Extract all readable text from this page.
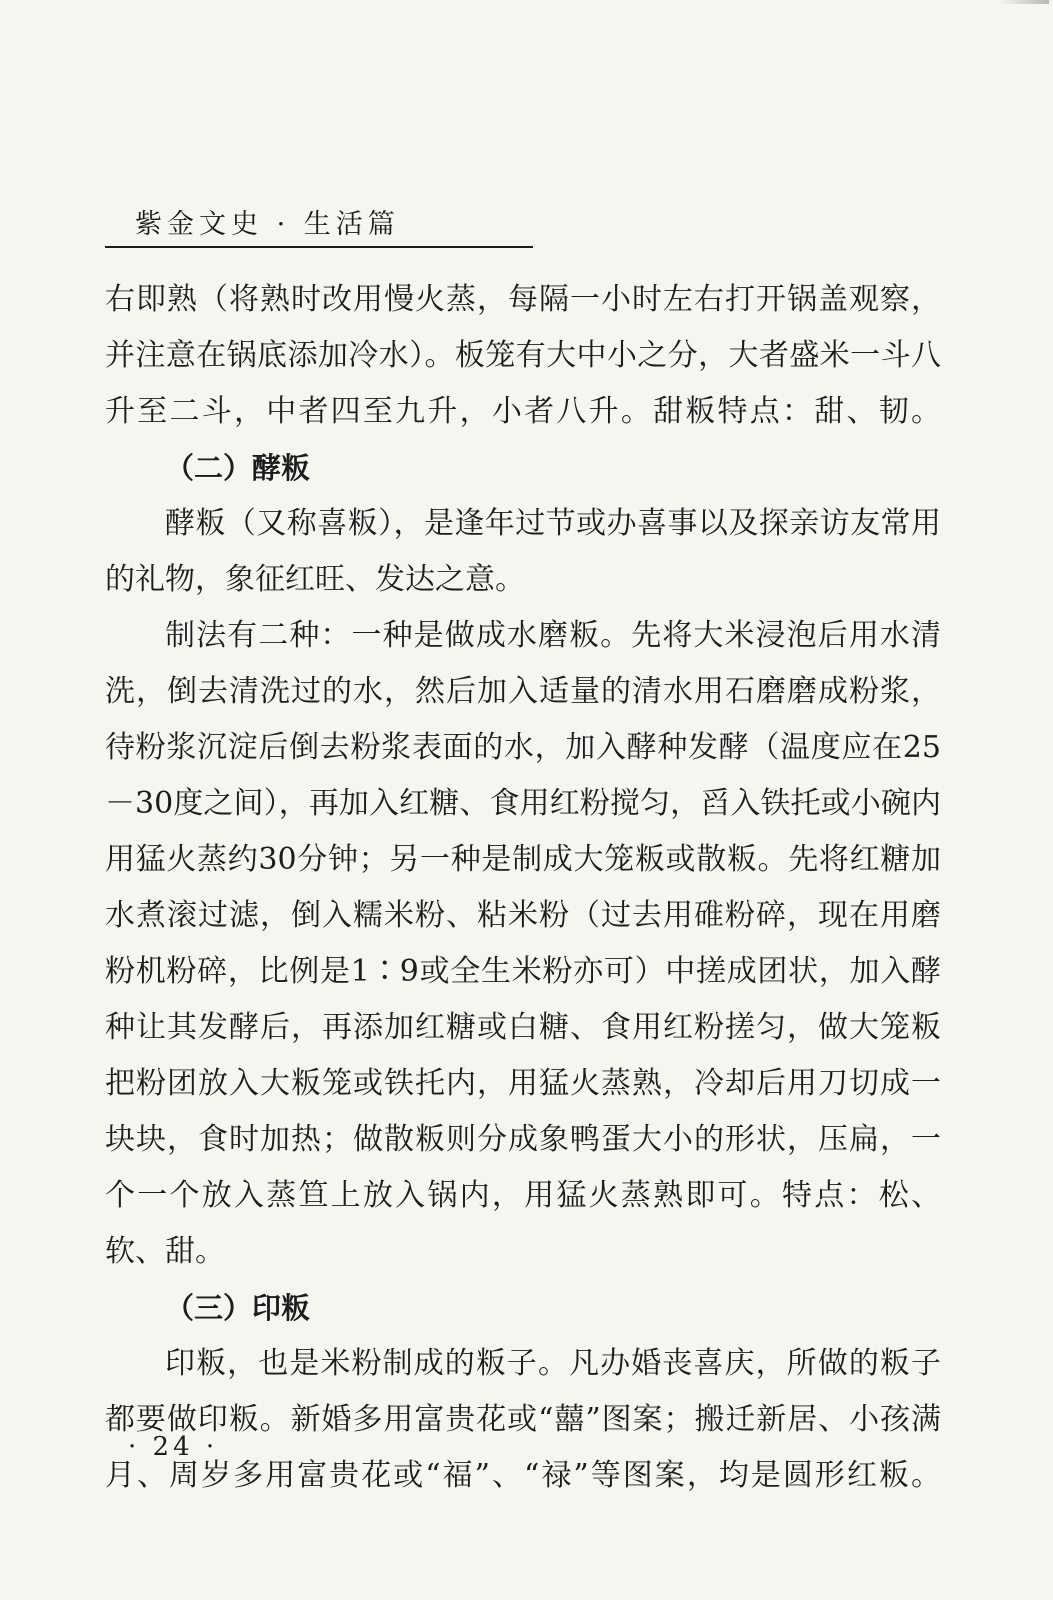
紫金文史 · 生活篇

右即熟（将熟时改用慢火蒸，每隔一小时左右打开锅盖观察，并注意在锅底添加冷水）。板笼有大中小之分，大者盛米一斗八升至二斗，中者四至九升，小者八升。甜粄特点：甜、韧。

（二）酵粄

酵粄（又称喜粄），是逢年过节或办喜事以及探亲访友常用的礼物，象征红旺、发达之意。

制法有二种：一种是做成水磨粄。先将大米浸泡后用水清洗，倒去清洗过的水，然后加入适量的清水用石磨磨成粉浆，待粉浆沉淀后倒去粉浆表面的水，加入酵种发酵（温度应在25－30度之间），再加入红糖、食用红粉搅匀，舀入铁托或小碗内用猛火蒸约30分钟；另一种是制成大笼粄或散粄。先将红糖加水煮滚过滤，倒入糯米粉、粘米粉（过去用碓粉碎，现在用磨粉机粉碎，比例是1∶9或全生米粉亦可）中搓成团状，加入酵种让其发酵后，再添加红糖或白糖、食用红粉搓匀，做大笼粄把粉团放入大粄笼或铁托内，用猛火蒸熟，冷却后用刀切成一块块，食时加热；做散粄则分成象鸭蛋大小的形状，压扁，一个一个放入蒸笪上放入锅内，用猛火蒸熟即可。特点：松、软、甜。

（三）印粄

印粄，也是米粉制成的粄子。凡办婚丧喜庆，所做的粄子都要做印粄。新婚多用富贵花或“囍”图案；搬迁新居、小孩满月、周岁多用富贵花或“福”、“禄”等图案，均是圆形红粄。

· 24 ·
